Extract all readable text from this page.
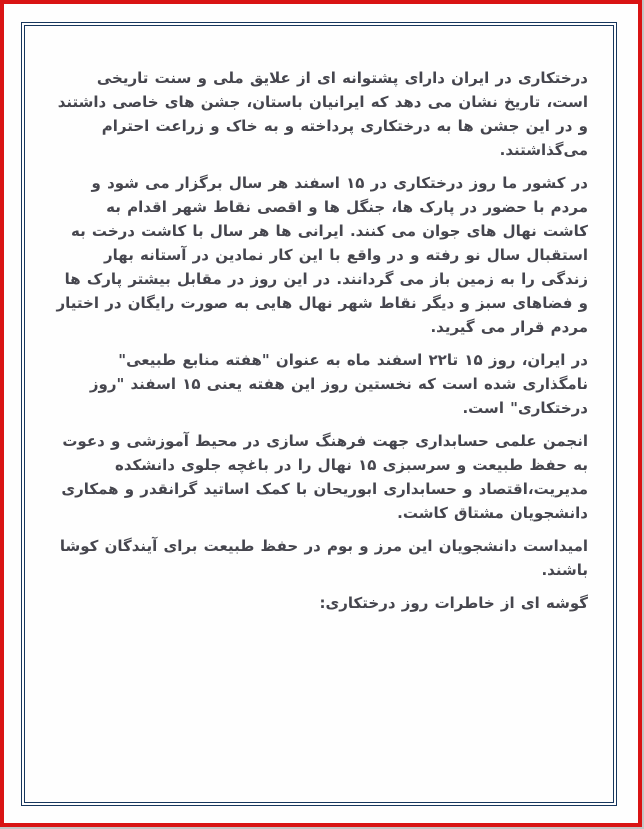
درختکاری در ایران دارای پشتوانه ای از علایق ملی و سنت تاریخی است، تاریخ نشان می دهد که ایرانیان باستان، جشن های خاصی داشتند و در این جشن ها به درختکاری پرداخته و به خاک و زراعت احترام می‌گذاشتند.

در کشور ما روز درختکاری در ۱۵ اسفند هر سال برگزار می شود و مردم با حضور در پارک ها، جنگل ها و اقصی نقاط شهر اقدام به کاشت نهال های جوان می کنند. ایرانی ها هر سال با کاشت درخت به استقبال سال نو رفته و در واقع با این کار نمادین در آستانه بهار زندگی را به زمین باز می گردانند. در این روز در مقابل بیشتر پارک ها و فضاهای سبز و دیگر نقاط شهر نهال هایی به صورت رایگان در اختیار مردم قرار می گیرید.

در ایران، روز ۱۵ تا۲۲ اسفند ماه به عنوان "هفته منابع طبیعی" نامگذاری شده است که نخستین روز این هفته یعنی ۱۵ اسفند "روز درختکاری" است.

انجمن علمی حسابداری جهت فرهنگ سازی در محیط آموزشی و دعوت به حفظ طبیعت و سرسبزی ۱۵ نهال را در باغچه جلوی دانشکده مدیریت،اقتصاد و حسابداری ابوریحان با کمک اساتید گرانقدر و همکاری دانشجویان مشتاق کاشت.

امیداست دانشجویان این مرز و بوم در حفظ طبیعت برای آیندگان کوشا باشند.

گوشه ای از خاطرات روز درختکاری:
